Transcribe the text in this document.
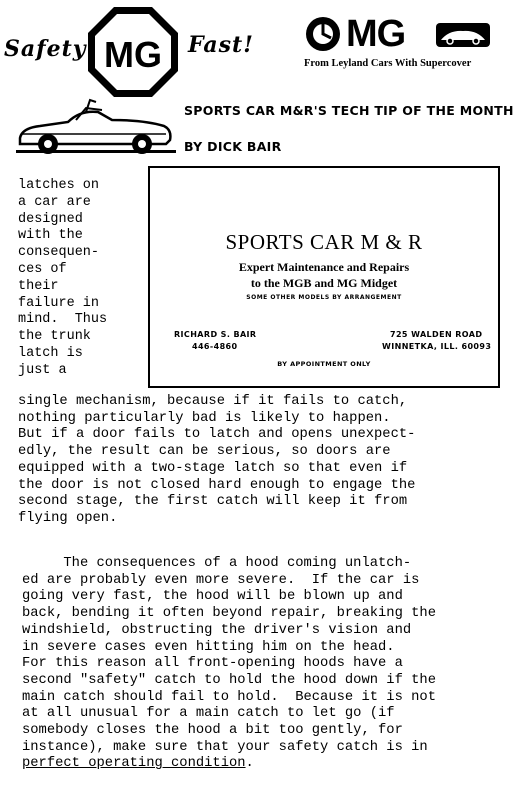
Safety MG Fast! MG
From Leyland Cars With Supercover
SPORTS CAR M&R'S TECH TIP OF THE MONTH
BY DICK BAIR
latches on
a car are
designed
with the
consequen-
ces of
their
failure in
mind.  Thus
the trunk
latch is
just a
SPORTS CAR M & R
Expert Maintenance and Repairs
to the MGB and MG Midget
SOME OTHER MODELS BY ARRANGEMENT
RICHARD S. BAIR
446-4860
725 WALDEN ROAD
WINNETKA, ILL. 60093
BY APPOINTMENT ONLY
single mechanism, because if it fails to catch,
nothing particularly bad is likely to happen.
But if a door fails to latch and opens unexpect-
edly, the result can be serious, so doors are
equipped with a two-stage latch so that even if
the door is not closed hard enough to engage the
second stage, the first catch will keep it from
flying open.
The consequences of a hood coming unlatch-
ed are probably even more severe.  If the car is
going very fast, the hood will be blown up and
back, bending it often beyond repair, breaking the
windshield, obstructing the driver's vision and
in severe cases even hitting him on the head.
For this reason all front-opening hoods have a
second "safety" catch to hold the hood down if the
main catch should fail to hold.  Because it is not
at all unusual for a main catch to let go (if
somebody closes the hood a bit too gently, for
instance), make sure that your safety catch is in
perfect operating condition.
